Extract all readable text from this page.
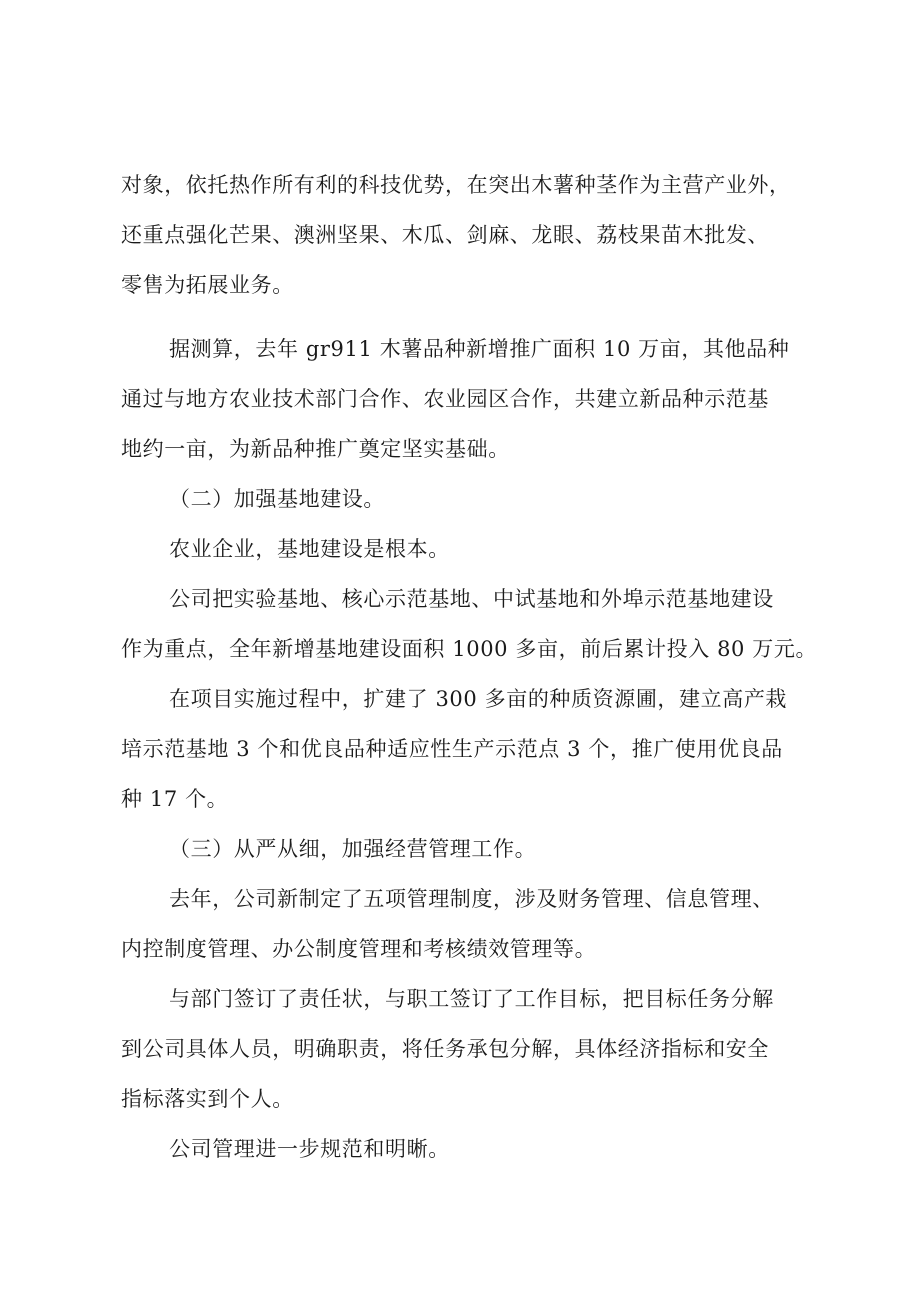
对象，依托热作所有利的科技优势，在突出木薯种茎作为主营产业外，
还重点强化芒果、澳洲坚果、木瓜、剑麻、龙眼、荔枝果苗木批发、
零售为拓展业务。
据测算，去年 gr911 木薯品种新增推广面积 10 万亩，其他品种
通过与地方农业技术部门合作、农业园区合作，共建立新品种示范基
地约一亩，为新品种推广奠定坚实基础。
（二）加强基地建设。
农业企业，基地建设是根本。
公司把实验基地、核心示范基地、中试基地和外埠示范基地建设
作为重点，全年新增基地建设面积 1000 多亩，前后累计投入 80 万元。
在项目实施过程中，扩建了 300 多亩的种质资源圃，建立高产栽
培示范基地 3 个和优良品种适应性生产示范点 3 个，推广使用优良品
种 17 个。
（三）从严从细，加强经营管理工作。
去年，公司新制定了五项管理制度，涉及财务管理、信息管理、
内控制度管理、办公制度管理和考核绩效管理等。
与部门签订了责任状，与职工签订了工作目标，把目标任务分解
到公司具体人员，明确职责，将任务承包分解，具体经济指标和安全
指标落实到个人。
公司管理进一步规范和明晰。
